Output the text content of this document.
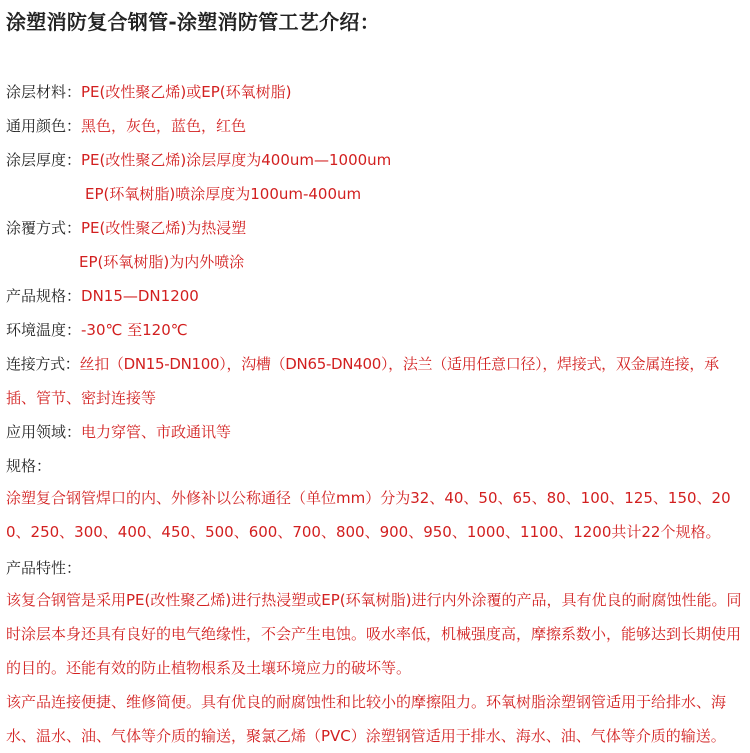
涂塑消防复合钢管-涂塑消防管工艺介绍：
涂层材料：PE(改性聚乙烯)或EP(环氧树脂)
通用颜色：黑色，灰色，蓝色，红色
涂层厚度：PE(改性聚乙烯)涂层厚度为400um—1000um
EP(环氧树脂)喷涂厚度为100um-400um
涂覆方式：PE(改性聚乙烯)为热浸塑
EP(环氧树脂)为内外喷涂
产品规格：DN15—DN1200
环境温度：-30℃ 至120℃
连接方式：丝扣（DN15-DN100），沟槽（DN65-DN400），法兰（适用任意口径），焊接式，双金属连接，承
插、管节、密封连接等
应用领域：电力穿管、市政通讯等
规格：
涂塑复合钢管焊口的内、外修补以公称通径（单位mm）分为32、40、50、65、80、100、125、150、200、250、300、400、450、500、600、700、800、900、950、1000、1100、1200共计22个规格。
产品特性：
该复合钢管是采用PE(改性聚乙烯)进行热浸塑或EP(环氧树脂)进行内外涂覆的产品，具有优良的耐腐蚀性能。同时涂层本身还具有良好的电气绝缘性，不会产生电蚀。吸水率低，机械强度高，摩擦系数小，能够达到长期使用的目的。还能有效的防止植物根系及土壤环境应力的破坏等。
该产品连接便捷、维修简便。具有优良的耐腐蚀性和比较小的摩擦阻力。环氧树脂涂塑钢管适用于给排水、海水、温水、油、气体等介质的输送，聚氯乙烯（PVC）涂塑钢管适用于排水、海水、油、气体等介质的输送。
